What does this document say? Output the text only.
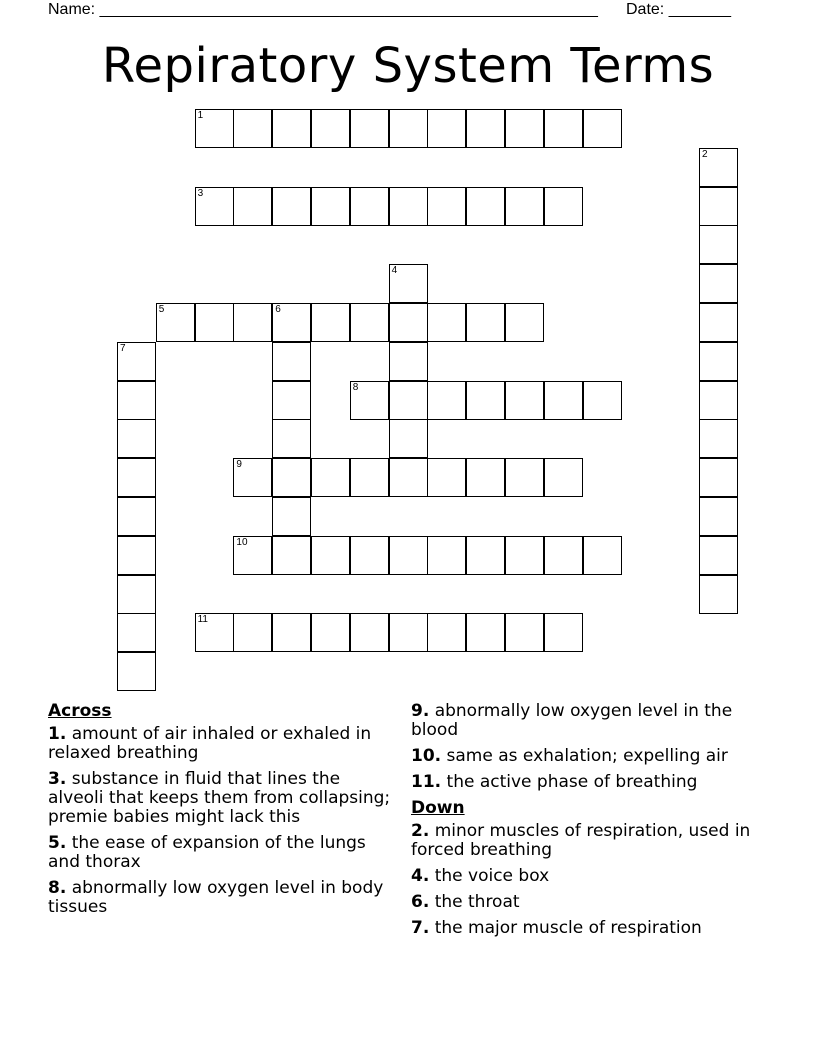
Name: ________________________________________________________ Date: _______
Repiratory System Terms
1
2
3
4
5	6
7
8
9
10
11
Across
1. amount of air inhaled or exhaled in relaxed breathing
3. substance in fluid that lines the alveoli that keeps them from collapsing; premie babies might lack this
5. the ease of expansion of the lungs and thorax
8. abnormally low oxygen level in body tissues
9. abnormally low oxygen level in the blood
10. same as exhalation; expelling air
11. the active phase of breathing
Down
2. minor muscles of respiration, used in forced breathing
4. the voice box
6. the throat
7. the major muscle of respiration
